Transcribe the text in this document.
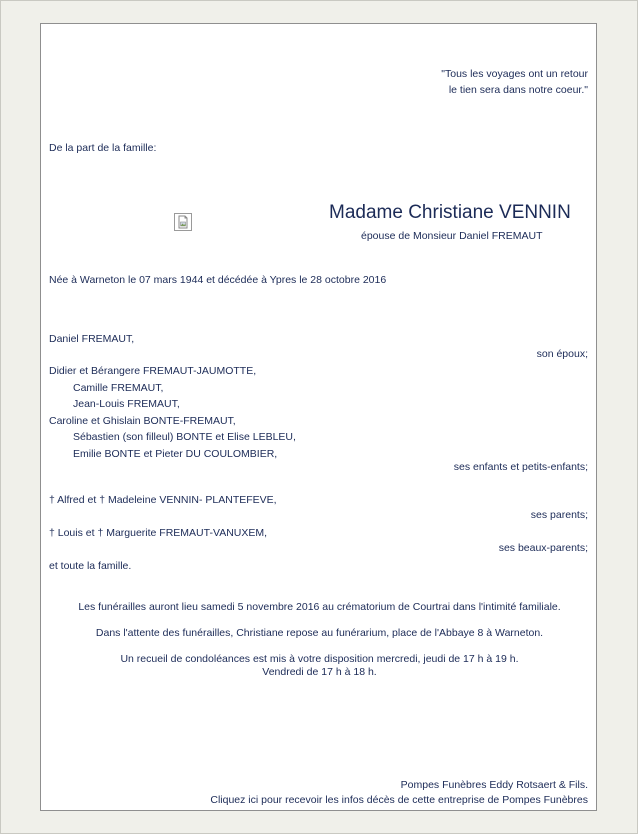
"Tous les voyages ont un retour
le tien sera dans notre coeur."
De la part de la famille:
Madame Christiane VENNIN
épouse de Monsieur Daniel FREMAUT
Née à Warneton le 07 mars 1944 et décédée à Ypres le 28 octobre 2016
Daniel FREMAUT,
son époux;
Didier et Bérangere FREMAUT-JAUMOTTE,
Camille FREMAUT,
Jean-Louis FREMAUT,
Caroline et Ghislain BONTE-FREMAUT,
Sébastien (son filleul) BONTE et Elise LEBLEU,
Emilie BONTE et Pieter DU COULOMBIER,
ses enfants et petits-enfants;
† Alfred et † Madeleine VENNIN- PLANTEFEVE,
ses parents;
† Louis et † Marguerite FREMAUT-VANUXEM,
ses beaux-parents;
et toute la famille.
Les funérailles auront lieu samedi 5 novembre 2016 au crématorium de Courtrai dans l'intimité familiale.
Dans l'attente des funérailles, Christiane repose au funérarium, place de l'Abbaye 8 à Warneton.
Un recueil de condoléances est mis à votre disposition mercredi, jeudi de 17 h à 19 h.
Vendredi de 17 h à 18 h.
Pompes Funèbres Eddy Rotsaert & Fils.
Cliquez ici pour recevoir les infos décès de cette entreprise de Pompes Funèbres
